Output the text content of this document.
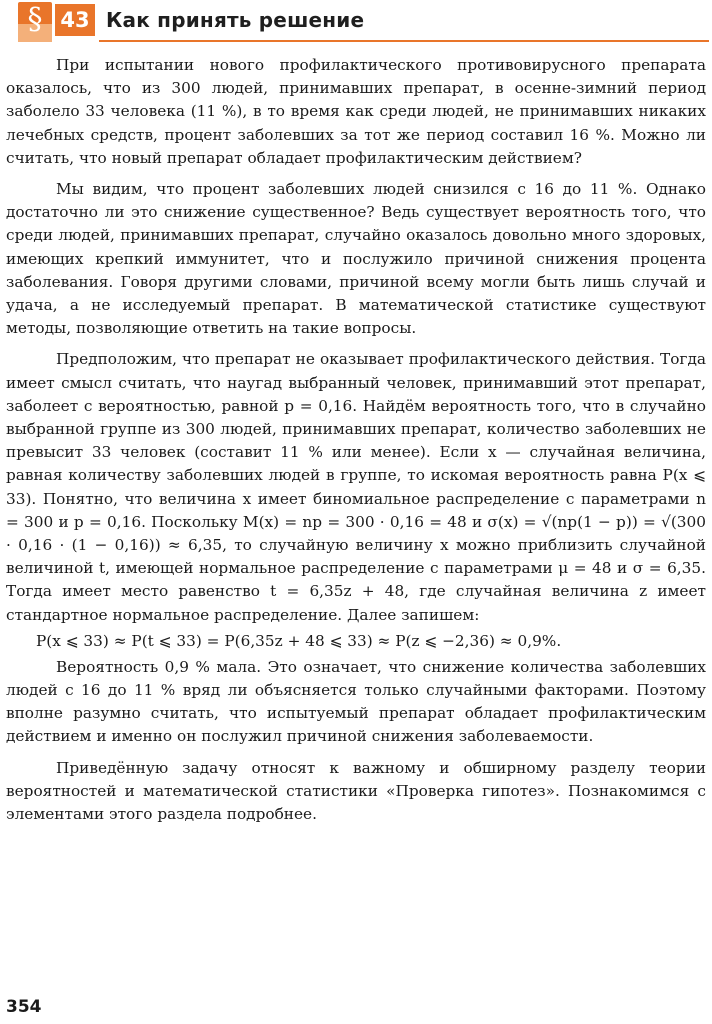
§ 43 Как принять решение

При испытании нового профилактического противовирусного препарата оказалось, что из 300 людей, принимавших препарат, в осенне-зимний период заболело 33 человека (11 %), в то время как среди людей, не принимавших никаких лечебных средств, процент заболевших за тот же период составил 16 %. Можно ли считать, что новый препарат обладает профилактическим действием?

Мы видим, что процент заболевших людей снизился с 16 до 11 %. Однако достаточно ли это снижение существенное? Ведь существует вероятность того, что среди людей, принимавших препарат, случайно оказалось довольно много здоровых, имеющих крепкий иммунитет, что и послужило причиной снижения процента заболевания. Говоря другими словами, причиной всему могли быть лишь случай и удача, а не исследуемый препарат. В математической статистике существуют методы, позволяющие ответить на такие вопросы.

Предположим, что препарат не оказывает профилактического действия. Тогда имеет смысл считать, что наугад выбранный человек, принимавший этот препарат, заболеет с вероятностью, равной p = 0,16. Найдём вероятность того, что в случайно выбранной группе из 300 людей, принимавших препарат, количество заболевших не превысит 33 человек (составит 11 % или менее). Если x — случайная величина, равная количеству заболевших людей в группе, то искомая вероятность равна P(x ⩽ 33). Понятно, что величина x имеет биномиальное распределение с параметрами n = 300 и p = 0,16. Поскольку M(x) = np = 300 · 0,16 = 48 и σ(x) = √(np(1 − p)) = √(300 · 0,16 · (1 − 0,16)) ≈ 6,35, то случайную величину x можно приблизить случайной величиной t, имеющей нормальное распределение с параметрами μ = 48 и σ = 6,35. Тогда имеет место равенство t = 6,35z + 48, где случайная величина z имеет стандартное нормальное распределение. Далее запишем:

P(x ⩽ 33) ≈ P(t ⩽ 33) = P(6,35z + 48 ⩽ 33) ≈ P(z ⩽ −2,36) ≈ 0,9%.

Вероятность 0,9 % мала. Это означает, что снижение количества заболевших людей с 16 до 11 % вряд ли объясняется только случайными факторами. Поэтому вполне разумно считать, что испытуемый препарат обладает профилактическим действием и именно он послужил причиной снижения заболеваемости.

Приведённую задачу относят к важному и обширному разделу теории вероятностей и математической статистики «Проверка гипотез». Познакомимся с элементами этого раздела подробнее.

354
